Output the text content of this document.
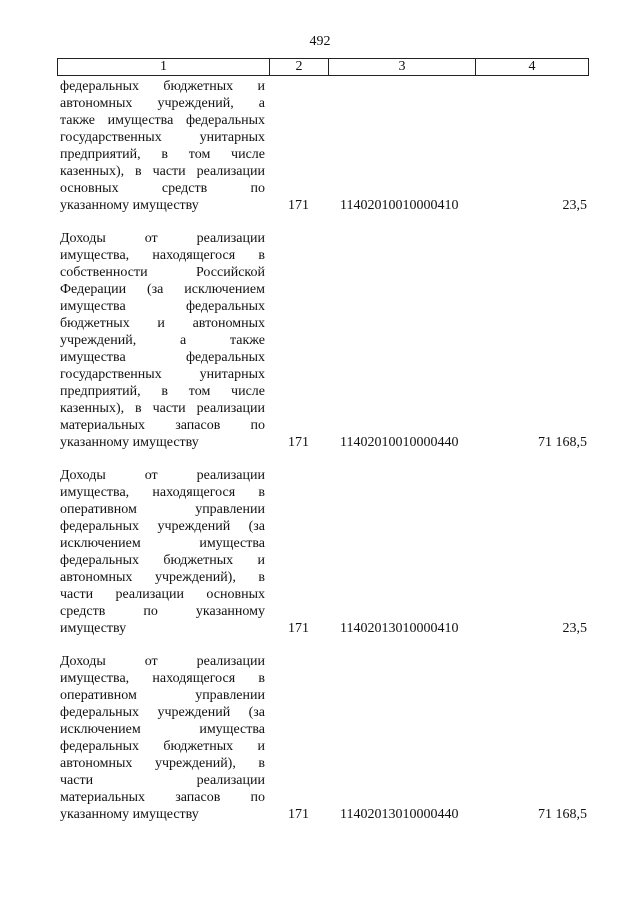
492
1	2	3	4
федеральных бюджетных и
автономных учреждений, а
также имущества федеральных
государственных унитарных
предприятий, в том числе
казенных), в части реализации
основных средств по
указанному имуществу	171 11402010010000410	23,5
Доходы от реализации
имущества, находящегося в
собственности Российской
Федерации (за исключением
имущества федеральных
бюджетных и автономных
учреждений, а также
имущества федеральных
государственных унитарных
предприятий, в том числе
казенных), в части реализации
материальных запасов по
указанному имуществу	171 11402010010000440	71 168,5
Доходы от реализации
имущества, находящегося в
оперативном управлении
федеральных учреждений (за
исключением имущества
федеральных бюджетных и
автономных учреждений), в
части реализации основных
средств по указанному
имуществу	171 11402013010000410	23,5
Доходы от реализации
имущества, находящегося в
оперативном управлении
федеральных учреждений (за
исключением имущества
федеральных бюджетных и
автономных учреждений), в
части реализации
материальных запасов по
указанному имуществу	171 11402013010000440	71 168,5
